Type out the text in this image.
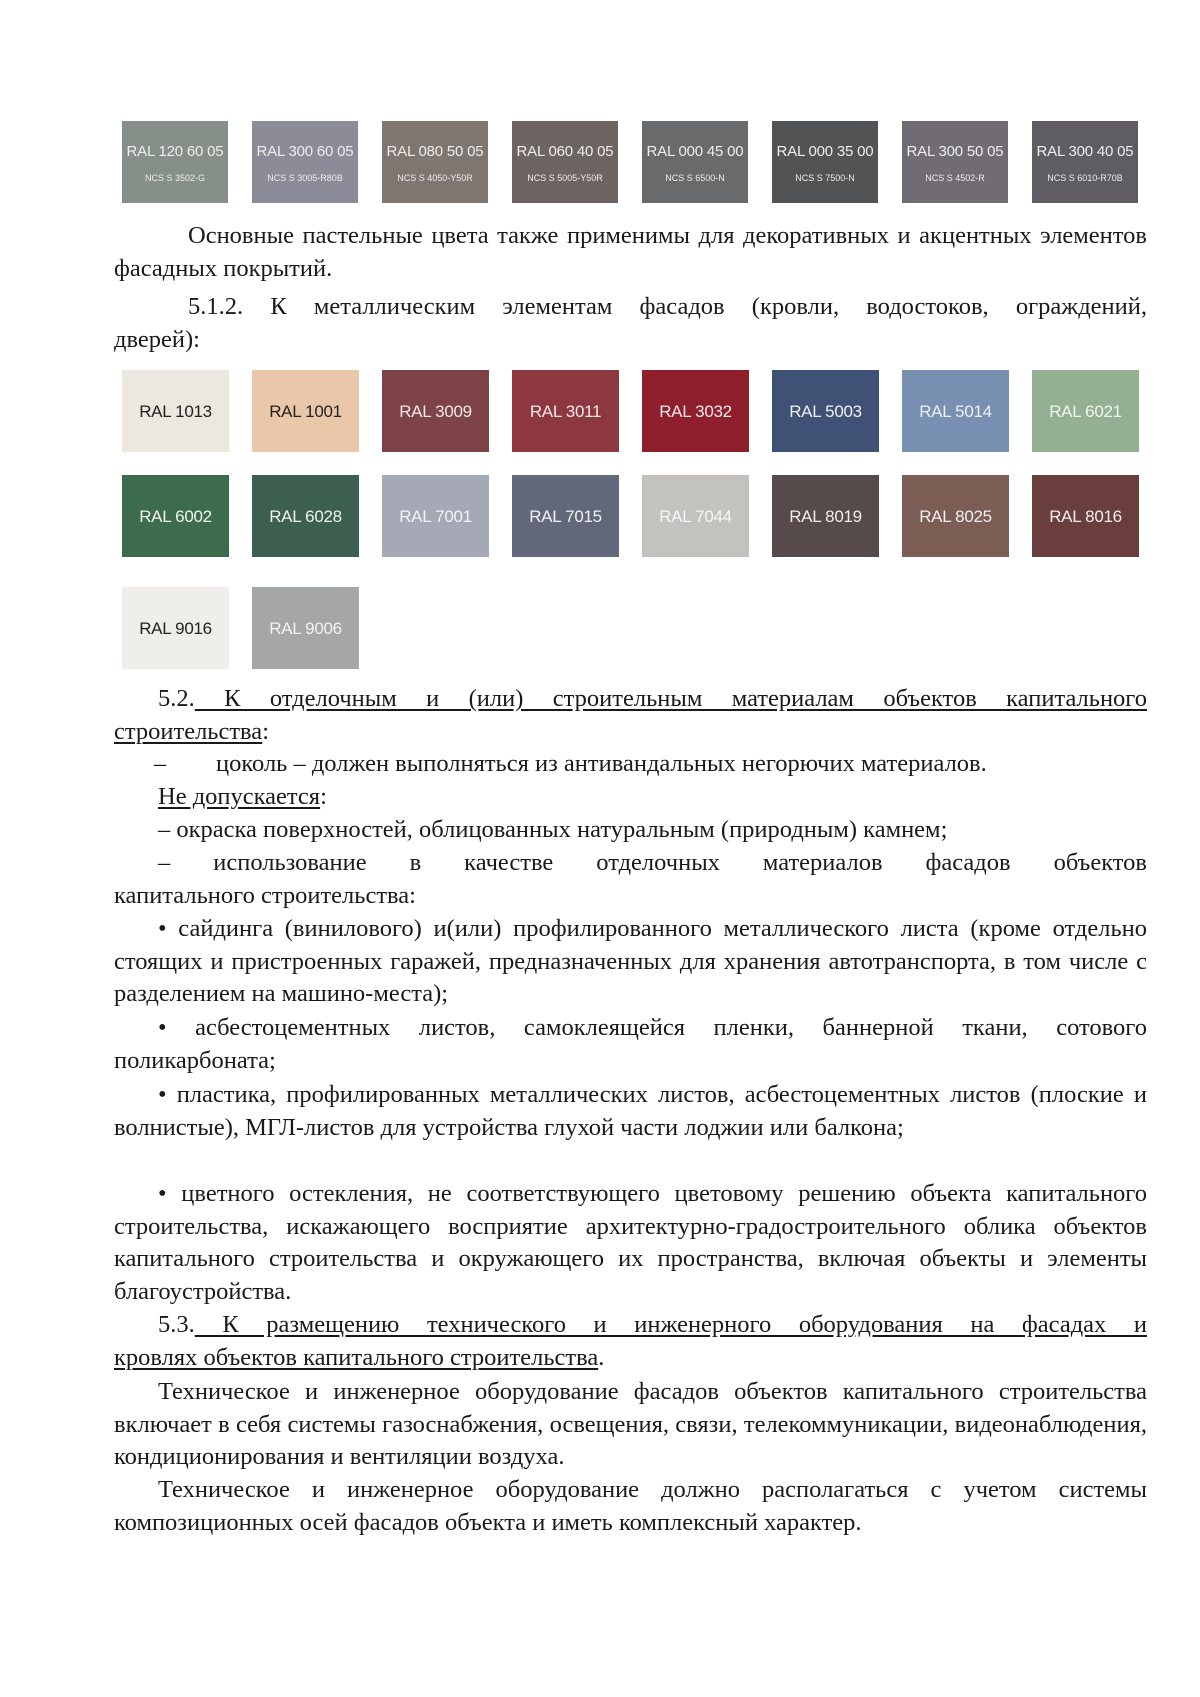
RAL 120 60 05
NCS S 3502-G
RAL 300 60 05
NCS S 3005-R80B
RAL 080 50 05
NCS S 4050-Y50R
RAL 060 40 05
NCS S 5005-Y50R
RAL 000 45 00
NCS S 6500-N
RAL 000 35 00
NCS S 7500-N
RAL 300 50 05
NCS S 4502-R
RAL 300 40 05
NCS S 6010-R70B
Основные пастельные цвета также применимы для декоративных и акцентных элементов фасадных покрытий.
5.1.2. К металлическим элементам фасадов (кровли, водостоков, ограждений,
дверей):
RAL 1013	RAL 1001	RAL 3009	RAL 3011	RAL 3032	RAL 5003	RAL 5014	RAL 6021
RAL 6002	RAL 6028	RAL 7001	RAL 7015	RAL 7044	RAL 8019	RAL 8025	RAL 8016
RAL 9016	RAL 9006
5.2. К отделочным и (или) строительным материалам объектов капитального
строительства:
– цоколь – должен выполняться из антивандальных негорючих материалов.
Не допускается:
– окраска поверхностей, облицованных натуральным (природным) камнем;
– использование в качестве отделочных материалов фасадов объектов
капитального строительства:
• сайдинга (винилового) и(или) профилированного металлического листа (кроме отдельно стоящих и пристроенных гаражей, предназначенных для хранения автотранспорта, в том числе с разделением на машино-места);
• асбестоцементных листов, самоклеящейся пленки, баннерной ткани, сотового поликарбоната;
• пластика, профилированных металлических листов, асбестоцементных листов (плоские и волнистые), МГЛ-листов для устройства глухой части лоджии или балкона;
• цветного остекления, не соответствующего цветовому решению объекта капитального строительства, искажающего восприятие архитектурно-градостроительного облика объектов капитального строительства и окружающего их пространства, включая объекты и элементы благоустройства.
5.3. К размещению технического и инженерного оборудования на фасадах и
кровлях объектов капитального строительства.
Техническое и инженерное оборудование фасадов объектов капитального строительства включает в себя системы газоснабжения, освещения, связи, телекоммуникации, видеонаблюдения, кондиционирования и вентиляции воздуха.
Техническое и инженерное оборудование должно располагаться с учетом системы композиционных осей фасадов объекта и иметь комплексный характер.
